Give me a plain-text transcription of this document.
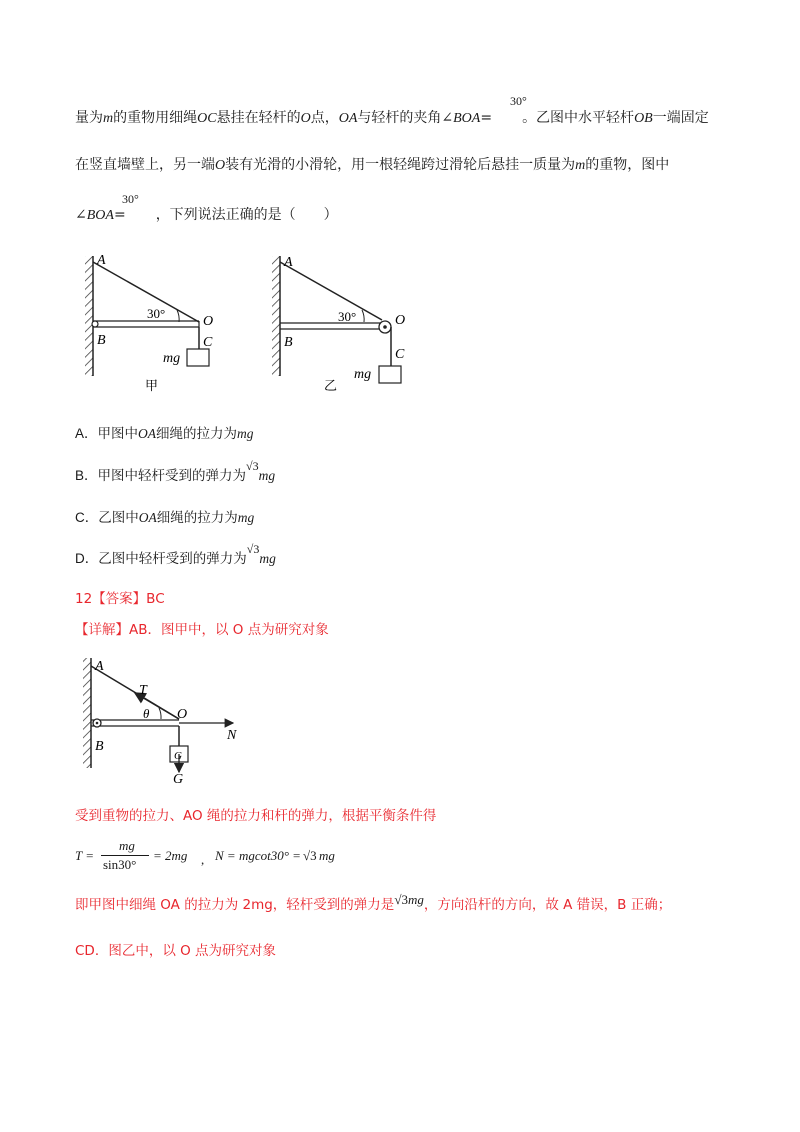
量为m的重物用细绳OC悬挂在轻杆的O点，OA与轻杆的夹角∠BOA= 。乙图中水平轻杆OB一端固定
30°
在竖直墙壁上，另一端O装有光滑的小滑轮，用一根轻绳跨过滑轮后悬挂一质量为m的重物，图中
∠BOA= ，下列说法正确的是（　　）
30°
A
30°
O
B	C
mg
甲
A
30°	O
B
C
mg
乙
A．甲图中OA细绳的拉力为mg
B．甲图中轻杆受到的弹力为√3mg
C．乙图中OA细绳的拉力为mg
D．乙图中轻杆受到的弹力为√3mg
12【答案】BC
【详解】AB．图甲中，以 O 点为研究对象
A
T
θ O
N
B
G
G
受到重物的拉力、AO 绳的拉力和杆的弹力，根据平衡条件得
T =
mg
sin30°
= 2mg , N = mgcot30° = √3 mg
即甲图中细绳 OA 的拉力为 2mg，轻杆受到的弹力是√3mg，方向沿杆的方向，故 A 错误，B 正确；
CD．图乙中，以 O 点为研究对象
